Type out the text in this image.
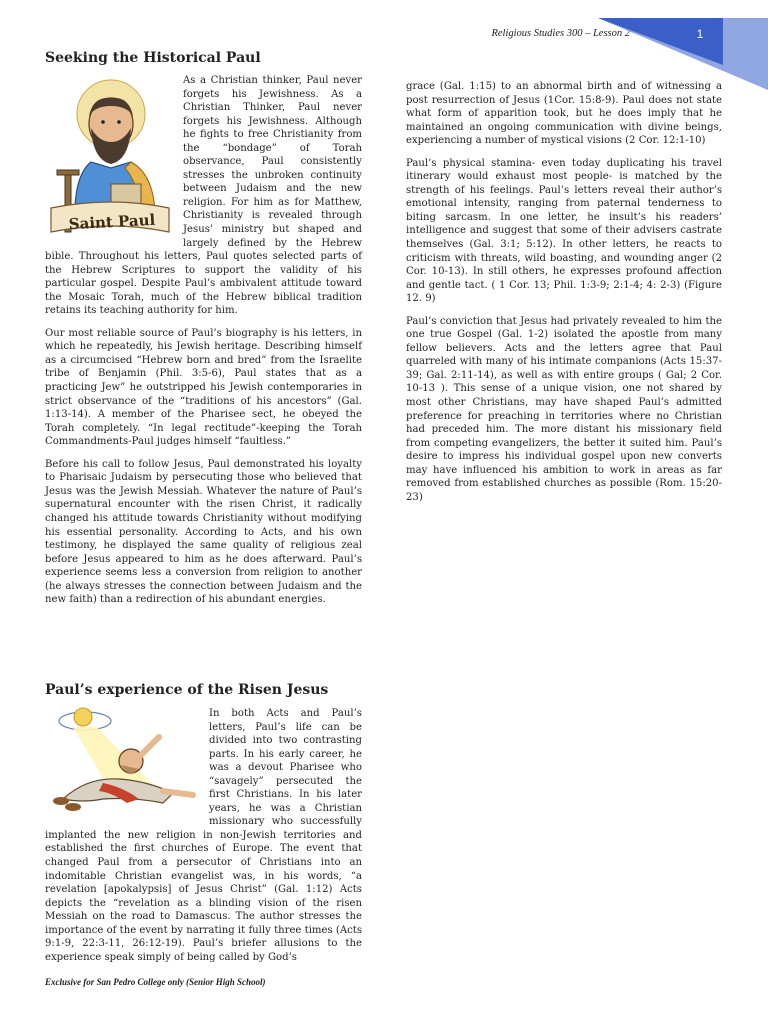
Religious Studies 300 – Lesson 2	1
Seeking the Historical Paul

As a Christian thinker, Paul never forgets his Jewishness. As a Christian Thinker, Paul never forgets his Jewishness. Although he fights to free Christianity from the “bondage” of Torah observance, Paul consistently stresses the unbroken continuity between Judaism and the new religion. For him as for Matthew, Christianity is revealed through Jesus’ ministry but shaped and largely defined by the Hebrew bible. Throughout his letters, Paul quotes selected parts of the Hebrew Scriptures to support the validity of his particular gospel. Despite Paul’s ambivalent attitude toward the Mosaic Torah, much of the Hebrew biblical tradition retains its teaching authority for him.

Our most reliable source of Paul’s biography is his letters, in which he repeatedly, his Jewish heritage. Describing himself as a circumcised “Hebrew born and bred” from the Israelite tribe of Benjamin (Phil. 3:5-6), Paul states that as a practicing Jew” he outstripped his Jewish contemporaries in strict observance of the “traditions of his ancestors” (Gal. 1:13-14). A member of the Pharisee sect, he obeyed the Torah completely. “In legal rectitude”-keeping the Torah Commandments-Paul judges himself “faultless.”

Before his call to follow Jesus, Paul demonstrated his loyalty to Pharisaic Judaism by persecuting those who believed that Jesus was the Jewish Messiah. Whatever the nature of Paul’s supernatural encounter with the risen Christ, it radically changed his attitude towards Christianity without modifying his essential personality. According to Acts, and his own testimony, he displayed the same quality of religious zeal before Jesus appeared to him as he does afterward. Paul’s experience seems less a conversion from religion to another (he always stresses the connection between Judaism and the new faith) than a redirection of his abundant energies.

Saint Paul
Paul’s experience of the Risen Jesus

In both Acts and Paul’s letters, Paul’s life can be divided into two contrasting parts. In his early career, he was a devout Pharisee who “savagely” persecuted the first Christians. In his later years, he was a Christian missionary who successfully implanted the new religion in non-Jewish territories and established the first churches of Europe. The event that changed Paul from a persecutor of Christians into an indomitable Christian evangelist was, in his words, “a revelation [apokalypsis] of Jesus Christ” (Gal. 1:12) Acts depicts the “revelation as a blinding vision of the risen Messiah on the road to Damascus. The author stresses the importance of the event by narrating it fully three times (Acts 9:1-9, 22:3-11, 26:12-19). Paul’s briefer allusions to the experience speak simply of being called by God’s

grace (Gal. 1:15) to an abnormal birth and of witnessing a post resurrection of Jesus (1Cor. 15:8-9). Paul does not state what form of apparition took, but he does imply that he maintained an ongoing communication with divine beings, experiencing a number of mystical visions (2 Cor. 12:1-10)

Paul’s physical stamina- even today duplicating his travel itinerary would exhaust most people- is matched by the strength of his feelings. Paul’s letters reveal their author’s emotional intensity, ranging from paternal tenderness to biting sarcasm. In one letter, he insult’s his readers’ intelligence and suggest that some of their advisers castrate themselves (Gal. 3:1; 5:12). In other letters, he reacts to criticism with threats, wild boasting, and wounding anger (2 Cor. 10-13). In still others, he expresses profound affection and gentle tact. ( 1 Cor. 13; Phil. 1:3-9; 2:1-4; 4: 2-3) (Figure 12. 9)

Paul’s conviction that Jesus had privately revealed to him the one true Gospel (Gal. 1-2) isolated the apostle from many fellow believers. Acts and the letters agree that Paul quarreled with many of his intimate companions (Acts 15:37-39; Gal. 2:11-14), as well as with entire groups ( Gal; 2 Cor. 10-13 ). This sense of a unique vision, one not shared by most other Christians, may have shaped Paul’s admitted preference for preaching in territories where no Christian had preceded him. The more distant his missionary field from competing evangelizers, the better it suited him. Paul’s desire to impress his individual gospel upon new converts may have influenced his ambition to work in areas as far removed from established churches as possible (Rom. 15:20-23)

Exclusive for San Pedro College only (Senior High School)
